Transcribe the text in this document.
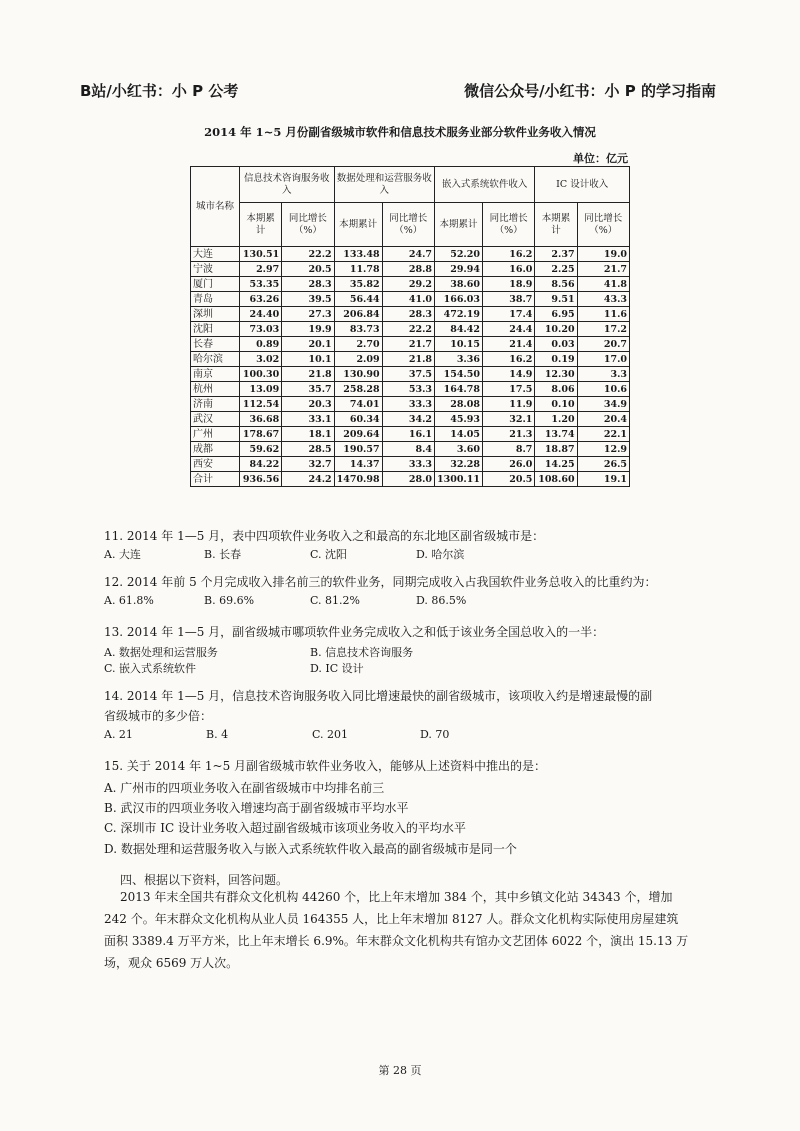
B站/小红书：小 P 公考	微信公众号/小红书：小 P 的学习指南
2014 年 1~5 月份副省级城市软件和信息技术服务业部分软件业务收入情况
单位：亿元
城市名称	信息技术咨询服务收入		数据处理和运营服务收入		嵌入式系统软件收入		IC 设计收入	
	本期累计	同比增长（%）	本期累计	同比增长（%）	本期累计	同比增长（%）	本期累计	同比增长（%）
大连	130.51	22.2	133.48	24.7	52.20	16.2	2.37	19.0
宁波	2.97	20.5	11.78	28.8	29.94	16.0	2.25	21.7
厦门	53.35	28.3	35.82	29.2	38.60	18.9	8.56	41.8
青岛	63.26	39.5	56.44	41.0	166.03	38.7	9.51	43.3
深圳	24.40	27.3	206.84	28.3	472.19	17.4	6.95	11.6
沈阳	73.03	19.9	83.73	22.2	84.42	24.4	10.20	17.2
长春	0.89	20.1	2.70	21.7	10.15	21.4	0.03	20.7
哈尔滨	3.02	10.1	2.09	21.8	3.36	16.2	0.19	17.0
南京	100.30	21.8	130.90	37.5	154.50	14.9	12.30	3.3
杭州	13.09	35.7	258.28	53.3	164.78	17.5	8.06	10.6
济南	112.54	20.3	74.01	33.3	28.08	11.9	0.10	34.9
武汉	36.68	33.1	60.34	34.2	45.93	32.1	1.20	20.4
广州	178.67	18.1	209.64	16.1	14.05	21.3	13.74	22.1
成都	59.62	28.5	190.57	8.4	3.60	8.7	18.87	12.9
西安	84.22	32.7	14.37	33.3	32.28	26.0	14.25	26.5
合计	936.56	24.2	1470.98	28.0	1300.11	20.5	108.60	19.1
11. 2014 年 1—5 月，表中四项软件业务收入之和最高的东北地区副省级城市是：
A. 大连	B. 长春	C. 沈阳	D. 哈尔滨
12. 2014 年前 5 个月完成收入排名前三的软件业务，同期完成收入占我国软件业务总收入的比重约为：
A. 61.8%	B. 69.6%	C. 81.2%	D. 86.5%
13. 2014 年 1—5 月，副省级城市哪项软件业务完成收入之和低于该业务全国总收入的一半：
A. 数据处理和运营服务	B. 信息技术咨询服务
C. 嵌入式系统软件	D. IC 设计
14. 2014 年 1—5 月，信息技术咨询服务收入同比增速最快的副省级城市，该项收入约是增速最慢的副
省级城市的多少倍：
A. 21	B. 4	C. 201	D. 70
15. 关于 2014 年 1~5 月副省级城市软件业务收入，能够从上述资料中推出的是：
A. 广州市的四项业务收入在副省级城市中均排名前三
B. 武汉市的四项业务收入增速均高于副省级城市平均水平
C. 深圳市 IC 设计业务收入超过副省级城市该项业务收入的平均水平
D. 数据处理和运营服务收入与嵌入式系统软件收入最高的副省级城市是同一个
四、根据以下资料，回答问题。
2013 年末全国共有群众文化机构 44260 个，比上年末增加 384 个，其中乡镇文化站 34343 个，增加
242 个。年末群众文化机构从业人员 164355 人，比上年末增加 8127 人。群众文化机构实际使用房屋建筑
面积 3389.4 万平方米，比上年末增长 6.9%。年末群众文化机构共有馆办文艺团体 6022 个，演出 15.13 万
场，观众 6569 万人次。
第 28 页
